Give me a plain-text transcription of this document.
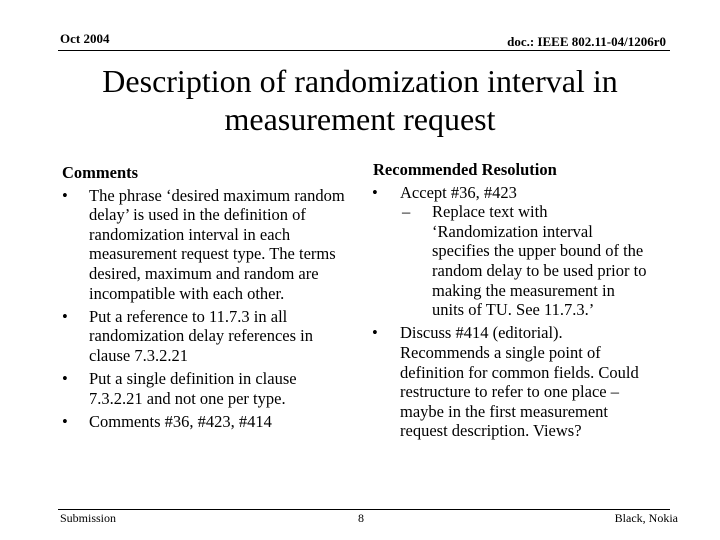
Oct 2004	doc.: IEEE 802.11-04/1206r0
Description of randomization interval in
measurement request
Comments
•	The phrase ‘desired maximum random delay’ is used in the definition of randomization interval in each measurement request type. The terms desired, maximum and random are incompatible with each other.
•	Put a reference to 11.7.3 in all randomization delay references in clause 7.3.2.21
•	Put a single definition in clause 7.3.2.21 and not one per type.
•	Comments #36, #423, #414
Recommended Resolution
•	Accept #36, #423
– Replace text with ‘Randomization interval specifies the upper bound of the random delay to be used prior to making the measurement in units of TU. See 11.7.3.’
•	Discuss #414 (editorial). Recommends a single point of definition for common fields. Could restructure to refer to one place – maybe in the first measurement request description. Views?
Submission	8	Black, Nokia
